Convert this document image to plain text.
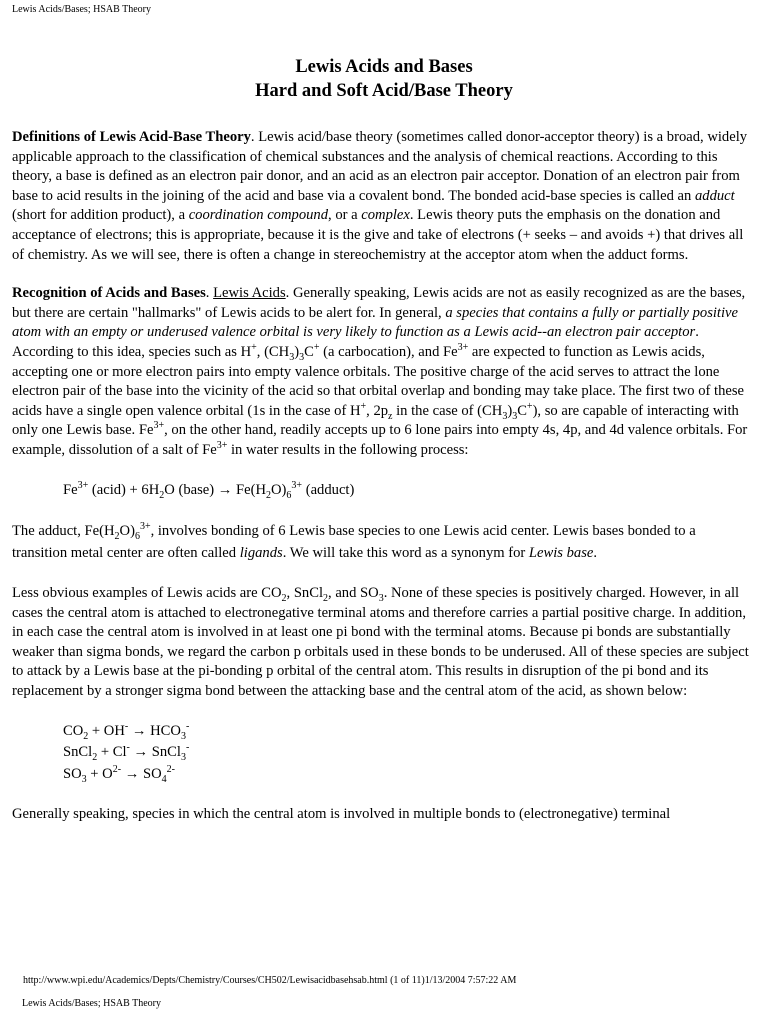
Lewis Acids/Bases; HSAB Theory
Lewis Acids and Bases
Hard and Soft Acid/Base Theory

Definitions of Lewis Acid-Base Theory. Lewis acid/base theory (sometimes called donor-acceptor theory) is a broad, widely applicable approach to the classification of chemical substances and the analysis of chemical reactions. According to this theory, a base is defined as an electron pair donor, and an acid as an electron pair acceptor. Donation of an electron pair from base to acid results in the joining of the acid and base via a covalent bond. The bonded acid-base species is called an adduct (short for addition product), a coordination compound, or a complex. Lewis theory puts the emphasis on the donation and acceptance of electrons; this is appropriate, because it is the give and take of electrons (+ seeks – and avoids +) that drives all of chemistry. As we will see, there is often a change in stereochemistry at the acceptor atom when the adduct forms.

Recognition of Acids and Bases. Lewis Acids. Generally speaking, Lewis acids are not as easily recognized as are the bases, but there are certain "hallmarks" of Lewis acids to be alert for. In general, a species that contains a fully or partially positive atom with an empty or underused valence orbital is very likely to function as a Lewis acid--an electron pair acceptor. According to this idea, species such as H+, $(CH_3)_3C^+$ (a carbocation), and $Fe^{3+}$ are expected to function as Lewis acids, accepting one or more electron pairs into empty valence orbitals. The positive charge of the acid serves to attract the lone electron pair of the base into the vicinity of the acid so that orbital overlap and bonding may take place. The first two of these acids have a single open valence orbital (1s in the case of H+, $2p_z$ in the case of $(CH_3)_3C^+$), so are capable of interacting with only one Lewis base. $Fe^{3+}$, on the other hand, readily accepts up to 6 lone pairs into empty 4s, 4p, and 4d valence orbitals. For example, dissolution of a salt of $Fe^{3+}$ in water results in the following process:

$Fe^{3+}$ (acid) + $6H_2O$ (base) → $Fe(H_2O)_6^{3+}$ (adduct)

The adduct, $Fe(H_2O)_6^{3+}$, involves bonding of 6 Lewis base species to one Lewis acid center. Lewis bases bonded to a transition metal center are often called ligands. We will take this word as a synonym for Lewis base.

Less obvious examples of Lewis acids are $CO_2$, SnCl$_2$, and $SO_3$. None of these species is positively charged. However, in all cases the central atom is attached to electronegative terminal atoms and therefore carries a partial positive charge. In addition, in each case the central atom is involved in at least one pi bond with the terminal atoms. Because pi bonds are substantially weaker than sigma bonds, we regard the carbon p orbitals used in these bonds to be underused. All of these species are subject to attack by a Lewis base at the pi-bonding p orbital of the central atom. This results in disruption of the pi bond and its replacement by a stronger sigma bond between the attacking base and the central atom of the acid, as shown below:

$CO_2 + OH^- \to HCO_3^-$
SnCl$_2$ + Cl- → SnCl$_3$-
$SO_3 + O^{2-} \to SO_4^{2-}$

Generally speaking, species in which the central atom is involved in multiple bonds to (electronegative) terminal

http://www.wpi.edu/Academics/Depts/Chemistry/Courses/CH502/Lewisacidbasehsab.html (1 of 11)1/13/2004 7:57:22 AM
Lewis Acids/Bases; HSAB Theory
